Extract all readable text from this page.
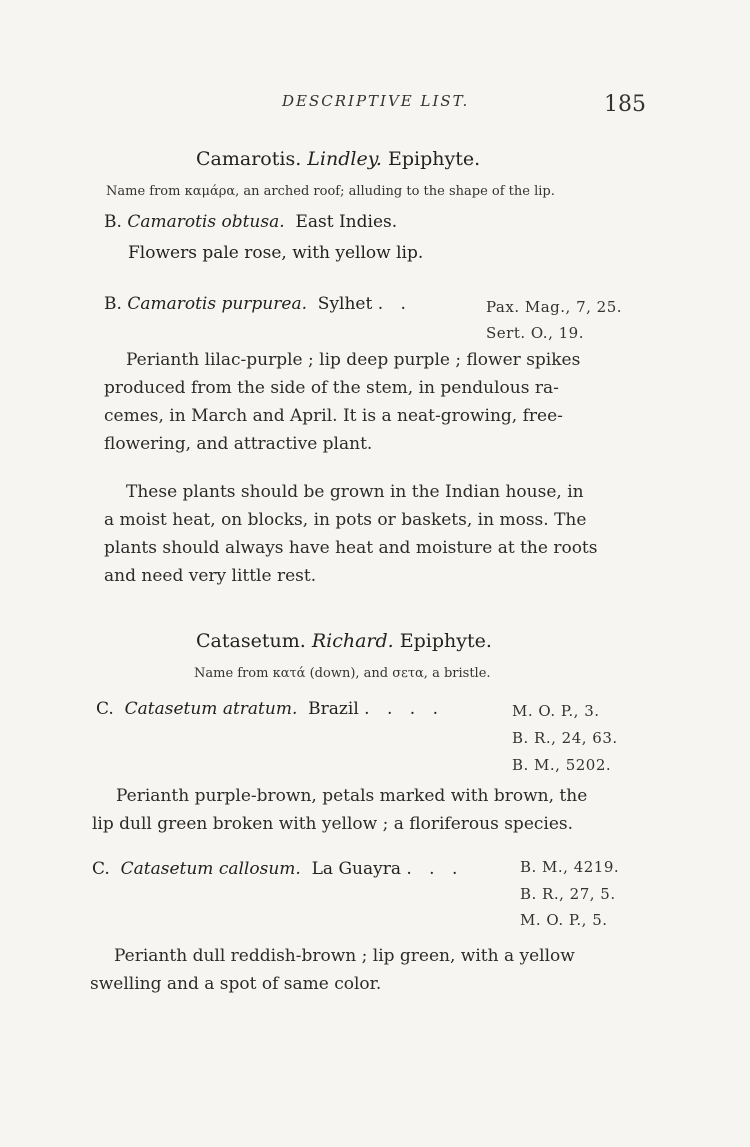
DESCRIPTIVE LIST.	185
Camarotis. Lindley. Epiphyte.
Name from καμάρα, an arched roof; alluding to the shape of the lip.
B. Camarotis obtusa. East Indies.
Flowers pale rose, with yellow lip.
B. Camarotis purpurea. Sylhet . .	Pax. Mag., 7, 25.
Sert. O., 19.
Perianth lilac-purple ; lip deep purple ; flower spikes
produced from the side of the stem, in pendulous ra-
cemes, in March and April. It is a neat-growing, free-
flowering, and attractive plant.
These plants should be grown in the Indian house, in
a moist heat, on blocks, in pots or baskets, in moss. The
plants should always have heat and moisture at the roots
and need very little rest.
Catasetum. Richard. Epiphyte.
Name from κατά (down), and σετα, a bristle.
C. Catasetum atratum. Brazil . . . .	M. O. P., 3.
B. R., 24, 63.
B. M., 5202.
Perianth purple-brown, petals marked with brown, the
lip dull green broken with yellow ; a floriferous species.
C. Catasetum callosum. La Guayra . . .	B. M., 4219.
B. R., 27, 5.
M. O. P., 5.
Perianth dull reddish-brown ; lip green, with a yellow
swelling and a spot of same color.
